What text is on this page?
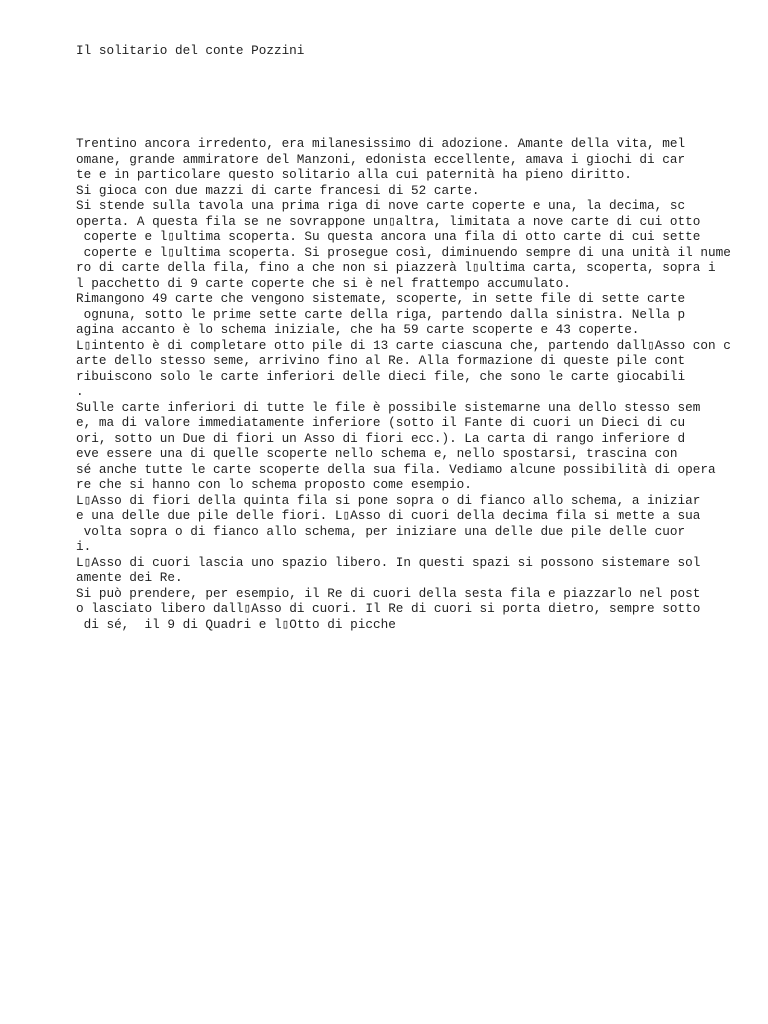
Il solitario del conte Pozzini

Trentino ancora irredento, era milanesissimo di adozione. Amante della vita, mel
omane, grande ammiratore del Manzoni, edonista eccellente, amava i giochi di car
te e in particolare questo solitario alla cui paternità ha pieno diritto.
Si gioca con due mazzi di carte francesi di 52 carte.
Si stende sulla tavola una prima riga di nove carte coperte e una, la decima, sc
operta. A questa fila se ne sovrappone un▯altra, limitata a nove carte di cui otto
coperte e l▯ultima scoperta. Su questa ancora una fila di otto carte di cui sette
coperte e l▯ultima scoperta. Si prosegue così, diminuendo sempre di una unità il nume
ro di carte della fila, fino a che non si piazzerà l▯ultima carta, scoperta, sopra i
l pacchetto di 9 carte coperte che si è nel frattempo accumulato.
Rimangono 49 carte che vengono sistemate, scoperte, in sette file di sette carte
ognuna, sotto le prime sette carte della riga, partendo dalla sinistra. Nella p
agina accanto è lo schema iniziale, che ha 59 carte scoperte e 43 coperte.
L▯intento è di completare otto pile di 13 carte ciascuna che, partendo dall▯Asso con c
arte dello stesso seme, arrivino fino al Re. Alla formazione di queste pile cont
ribuiscono solo le carte inferiori delle dieci file, che sono le carte giocabili
.
Sulle carte inferiori di tutte le file è possibile sistemarne una dello stesso sem
e, ma di valore immediatamente inferiore (sotto il Fante di cuori un Dieci di cu
ori, sotto un Due di fiori un Asso di fiori ecc.). La carta di rango inferiore d
eve essere una di quelle scoperte nello schema e, nello spostarsi, trascina con
sé anche tutte le carte scoperte della sua fila. Vediamo alcune possibilità di opera
re che si hanno con lo schema proposto come esempio.
L▯Asso di fiori della quinta fila si pone sopra o di fianco allo schema, a iniziar
e una delle due pile delle fiori. L▯Asso di cuori della decima fila si mette a sua
volta sopra o di fianco allo schema, per iniziare una delle due pile delle cuor
i.
L▯Asso di cuori lascia uno spazio libero. In questi spazi si possono sistemare sol
amente dei Re.
Si può prendere, per esempio, il Re di cuori della sesta fila e piazzarlo nel post
o lasciato libero dall▯Asso di cuori. Il Re di cuori si porta dietro, sempre sotto
di sé,  il 9 di Quadri e l▯Otto di picche
